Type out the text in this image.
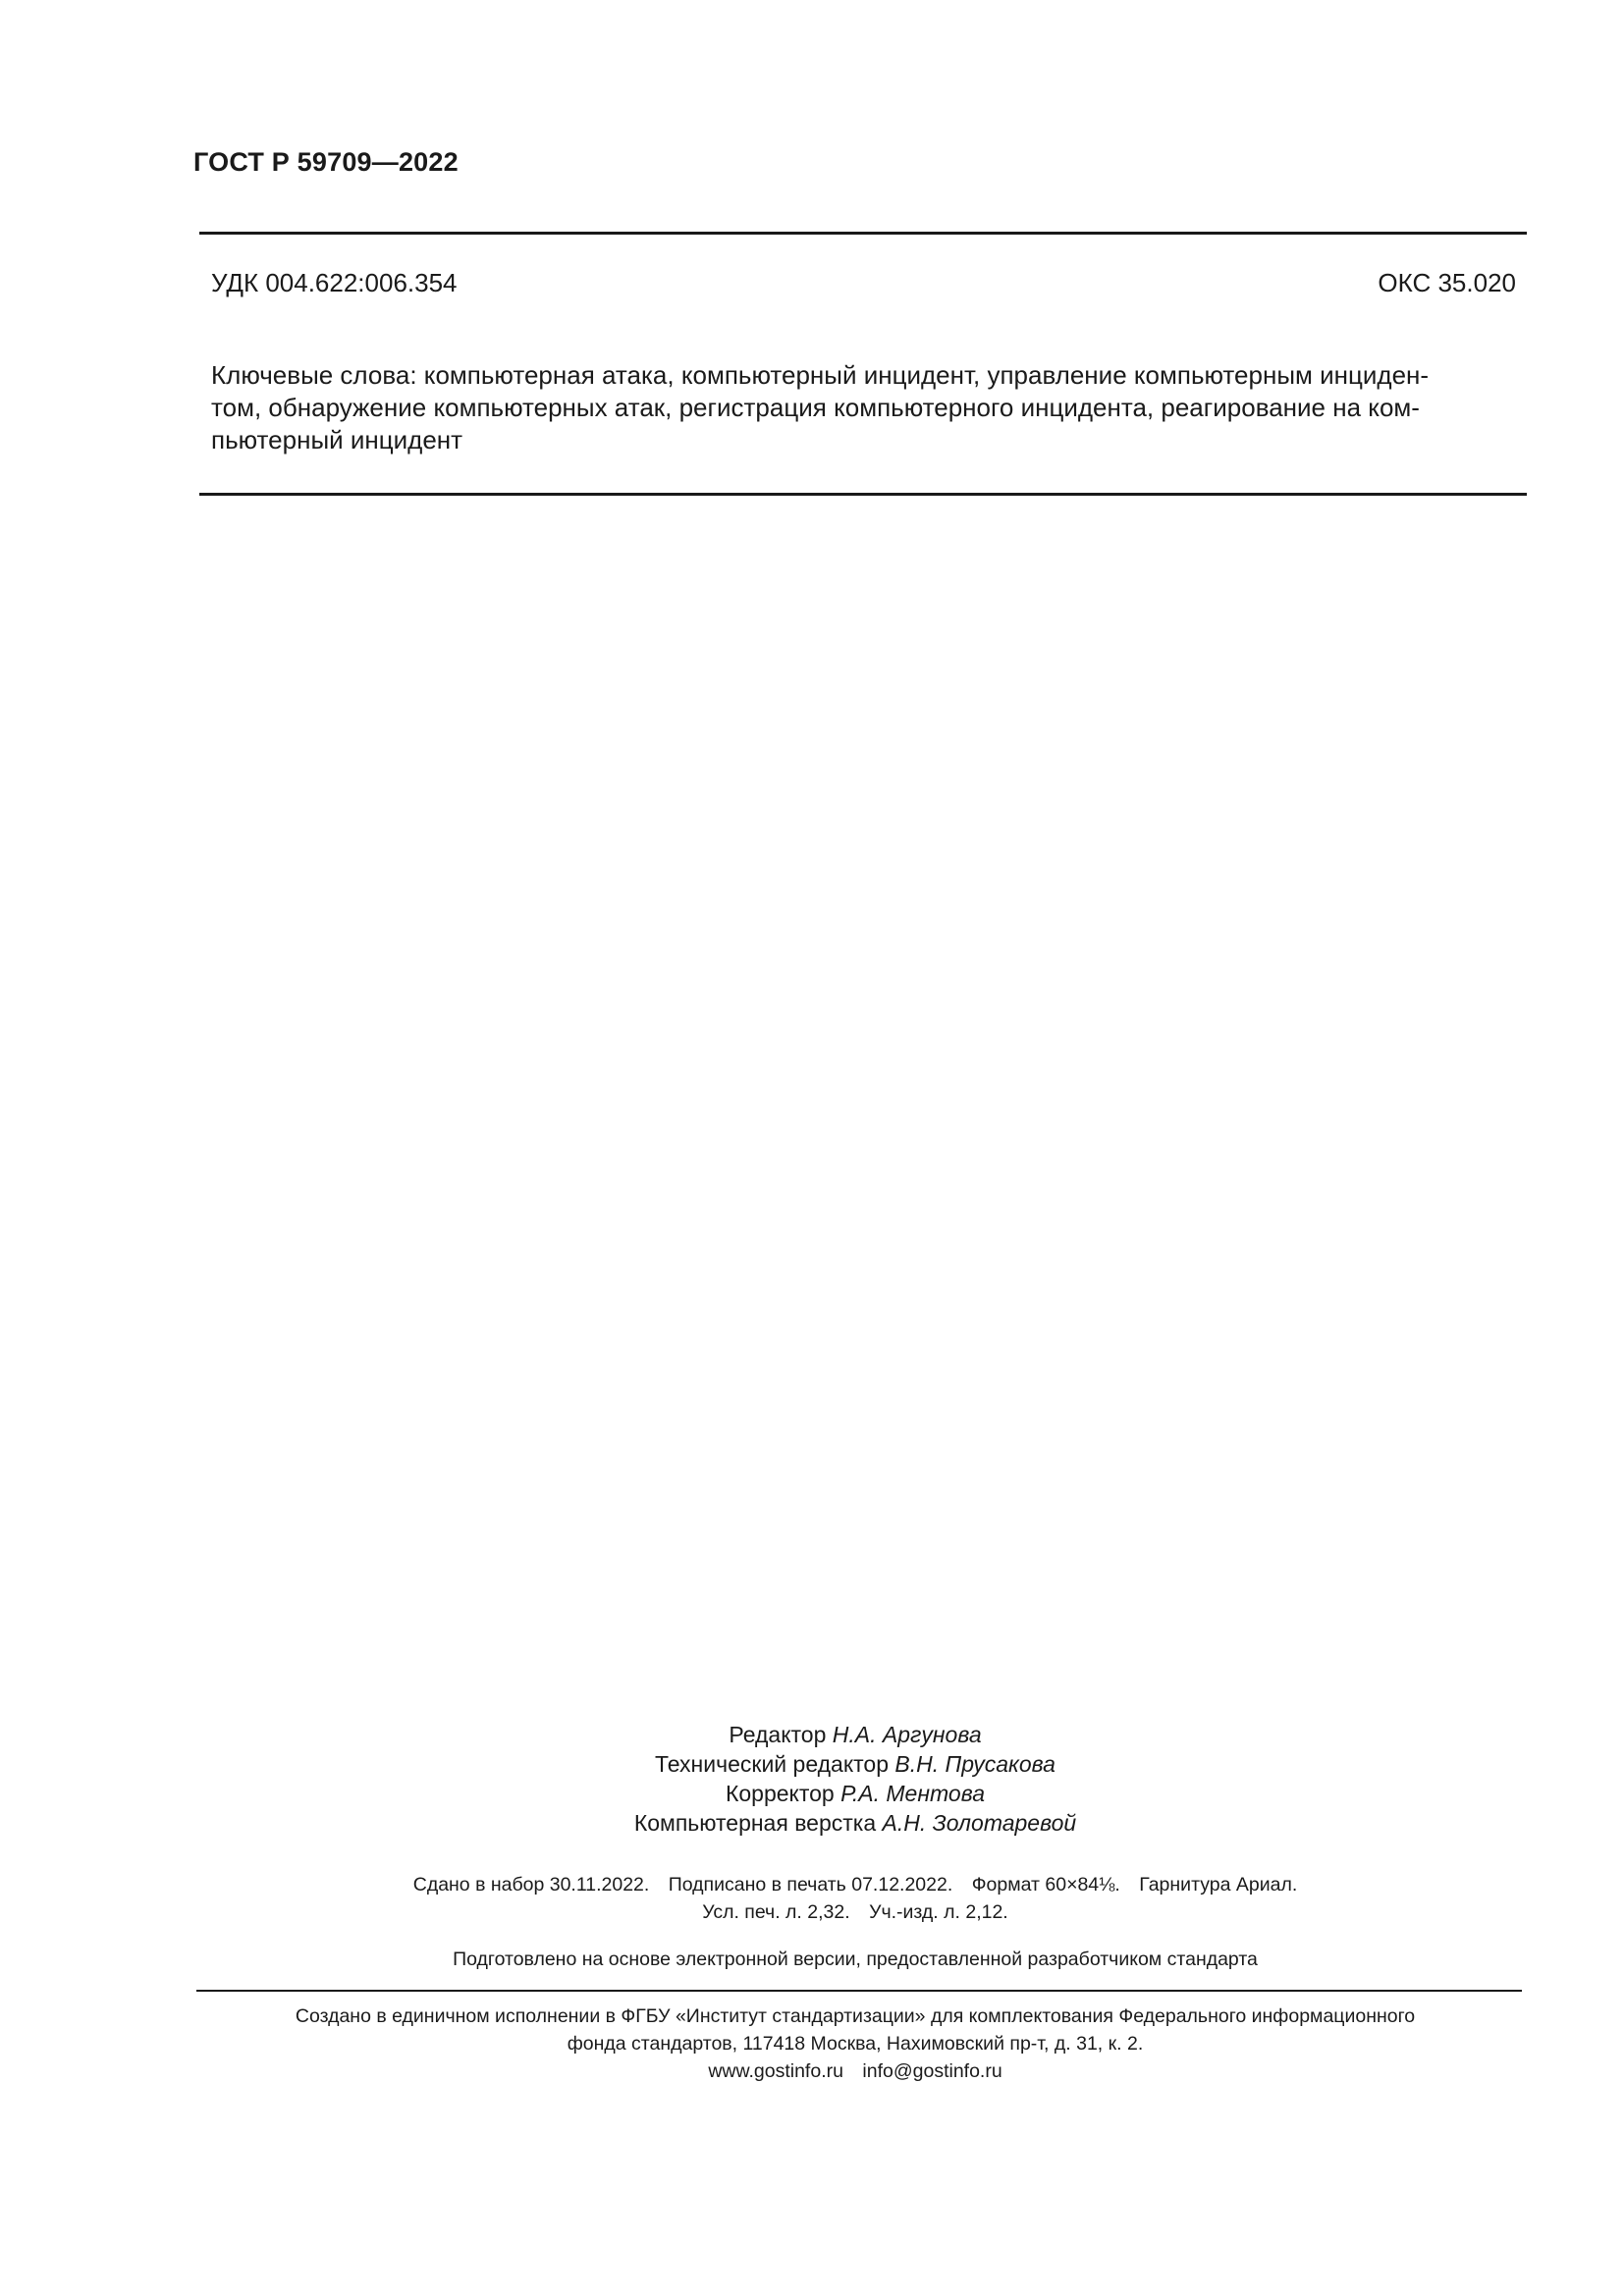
ГОСТ Р 59709—2022
УДК 004.622:006.354	ОКС 35.020
Ключевые слова: компьютерная атака, компьютерный инцидент, управление компьютерным инциден-
том, обнаружение компьютерных атак, регистрация компьютерного инцидента, реагирование на ком-
пьютерный инцидент
Редактор Н.А. Аргунова
Технический редактор В.Н. Прусакова
Корректор Р.А. Ментова
Компьютерная верстка А.Н. Золотаревой
Сдано в набор 30.11.2022. Подписано в печать 07.12.2022. Формат 60×84⅛. Гарнитура Ариал.
Усл. печ. л. 2,32. Уч.-изд. л. 2,12.
Подготовлено на основе электронной версии, предоставленной разработчиком стандарта
Создано в единичном исполнении в ФГБУ «Институт стандартизации» для комплектования Федерального информационного
фонда стандартов, 117418 Москва, Нахимовский пр-т, д. 31, к. 2.
www.gostinfo.ru info@gostinfo.ru
